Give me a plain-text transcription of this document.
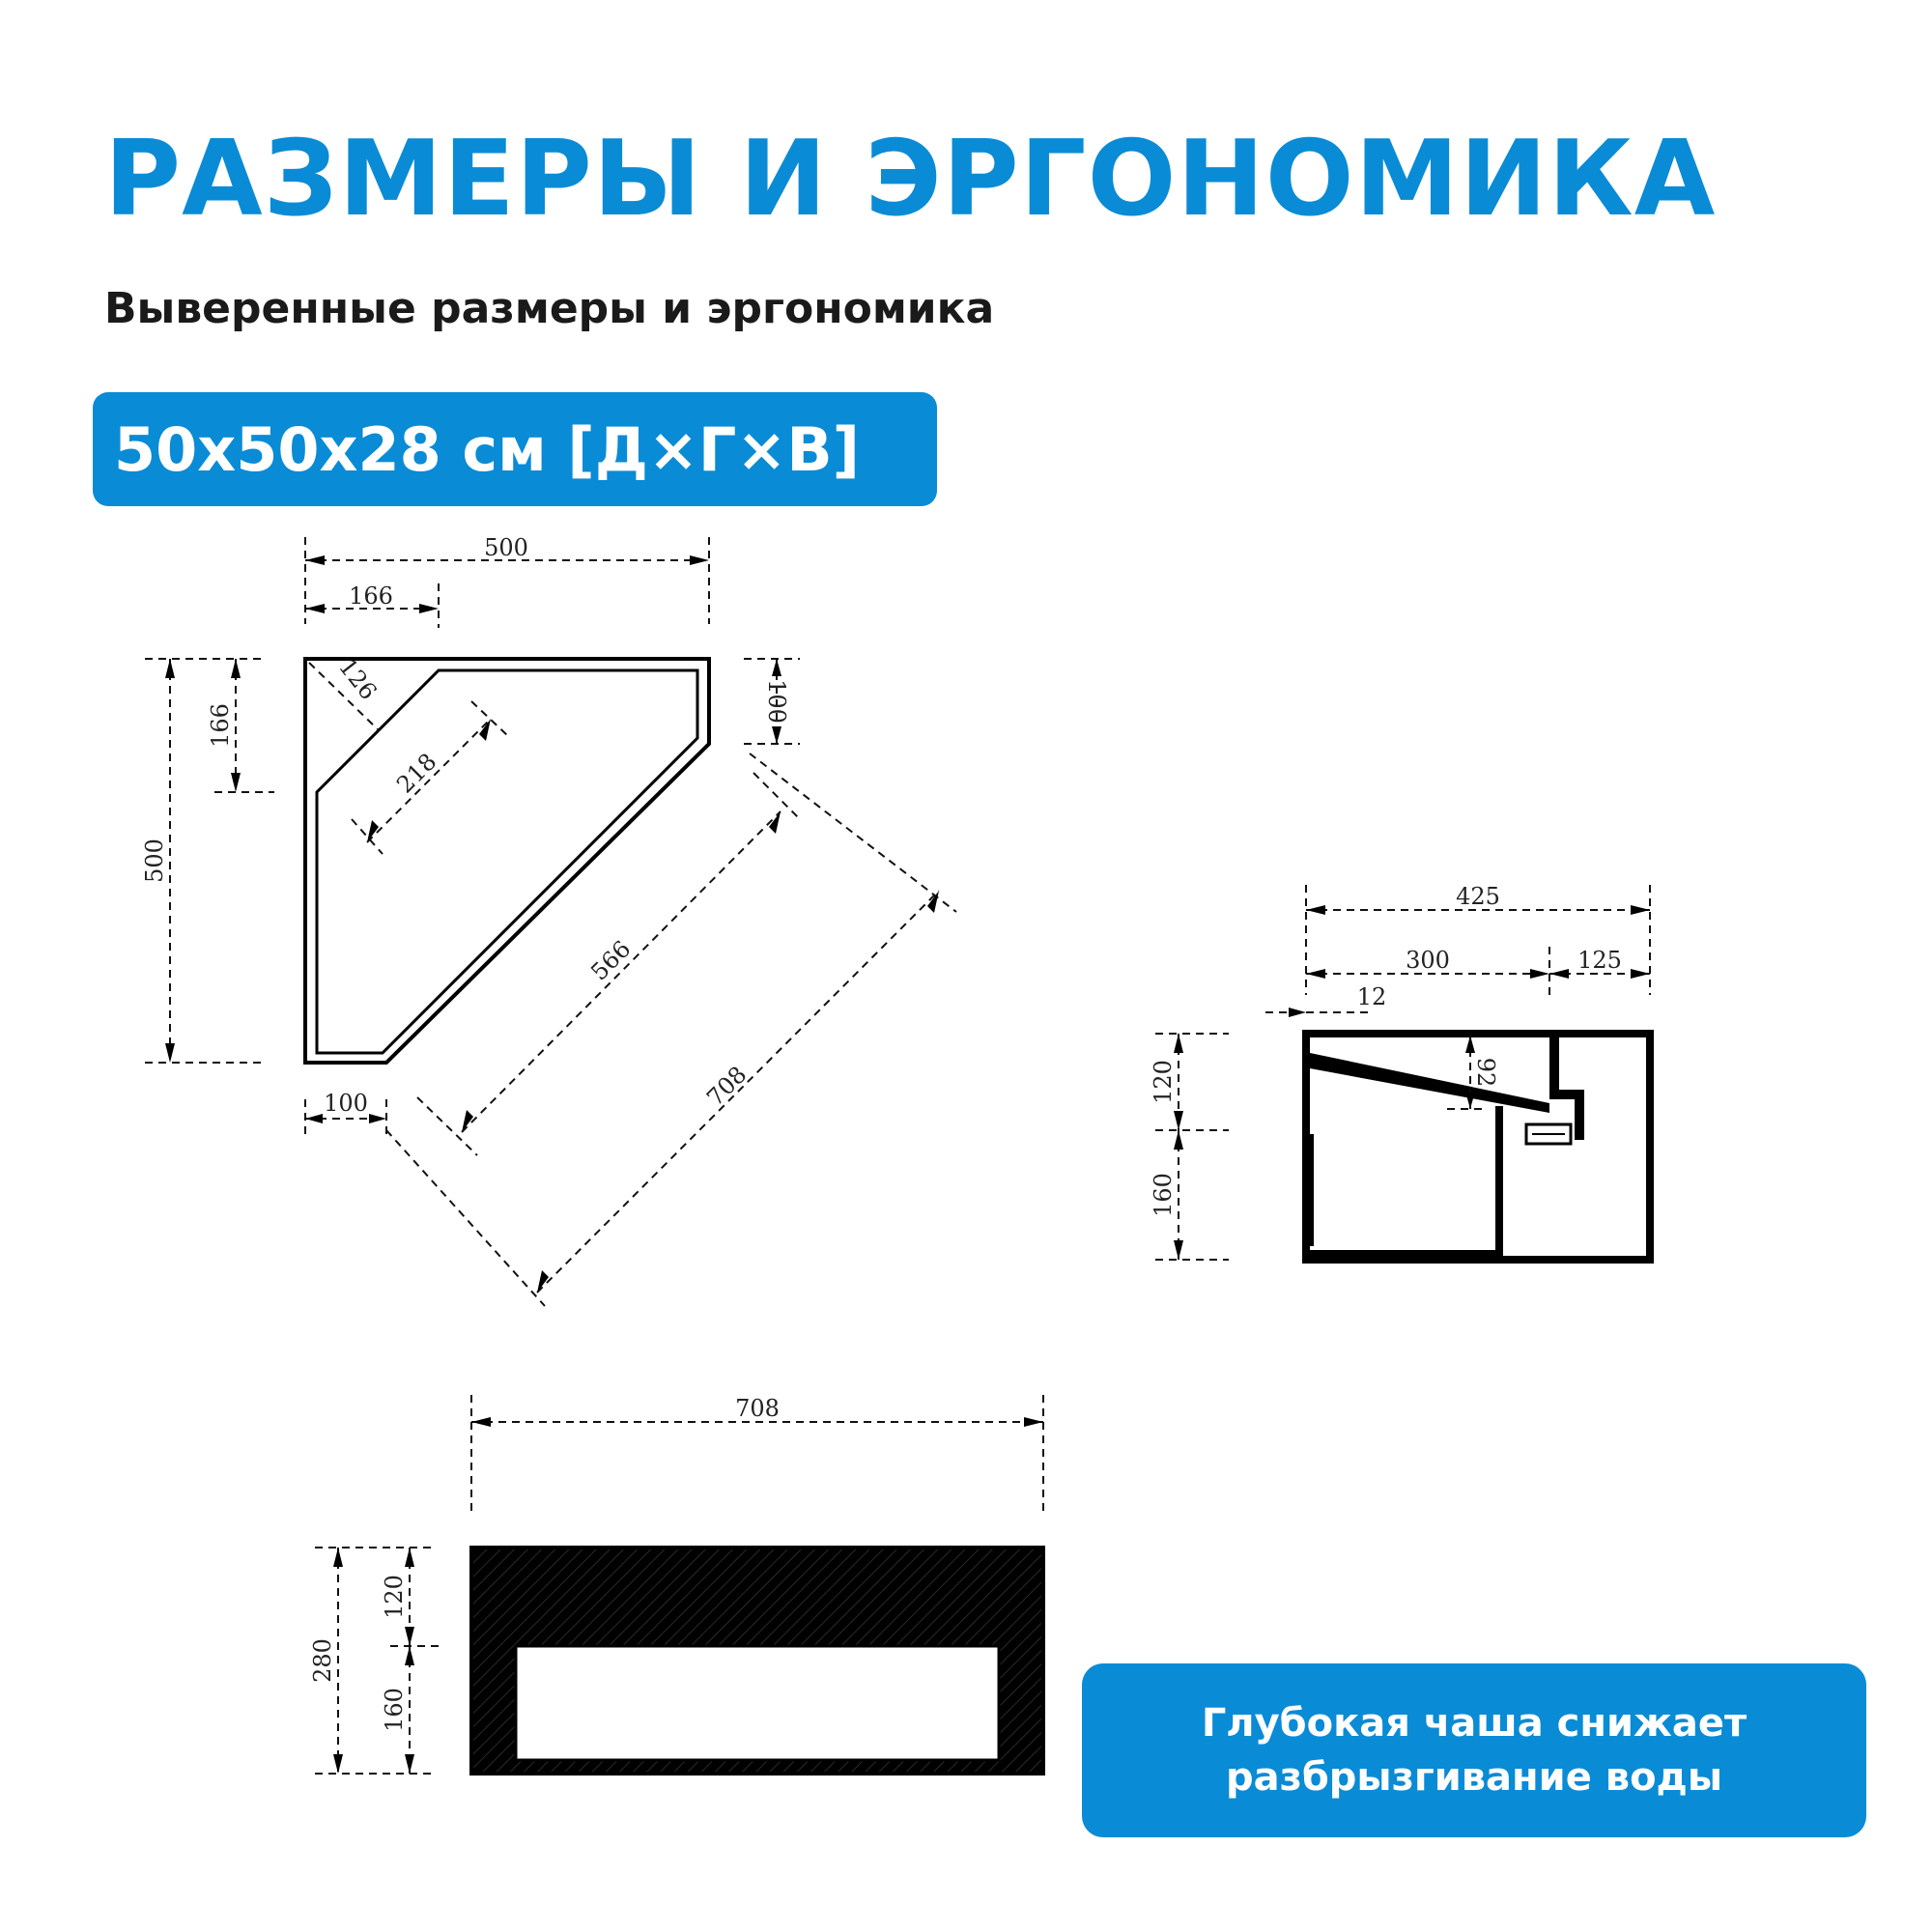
РАЗМЕРЫ И ЭРГОНОМИКА
Выверенные размеры и эргономика
50x50x28 см [Д×Г×В]
500
166
500
166
126
218
566
708
100
100
425
300	125
12
92
120
160
708
280
120
160	Глубокая чаша снижает
разбрызгивание воды
